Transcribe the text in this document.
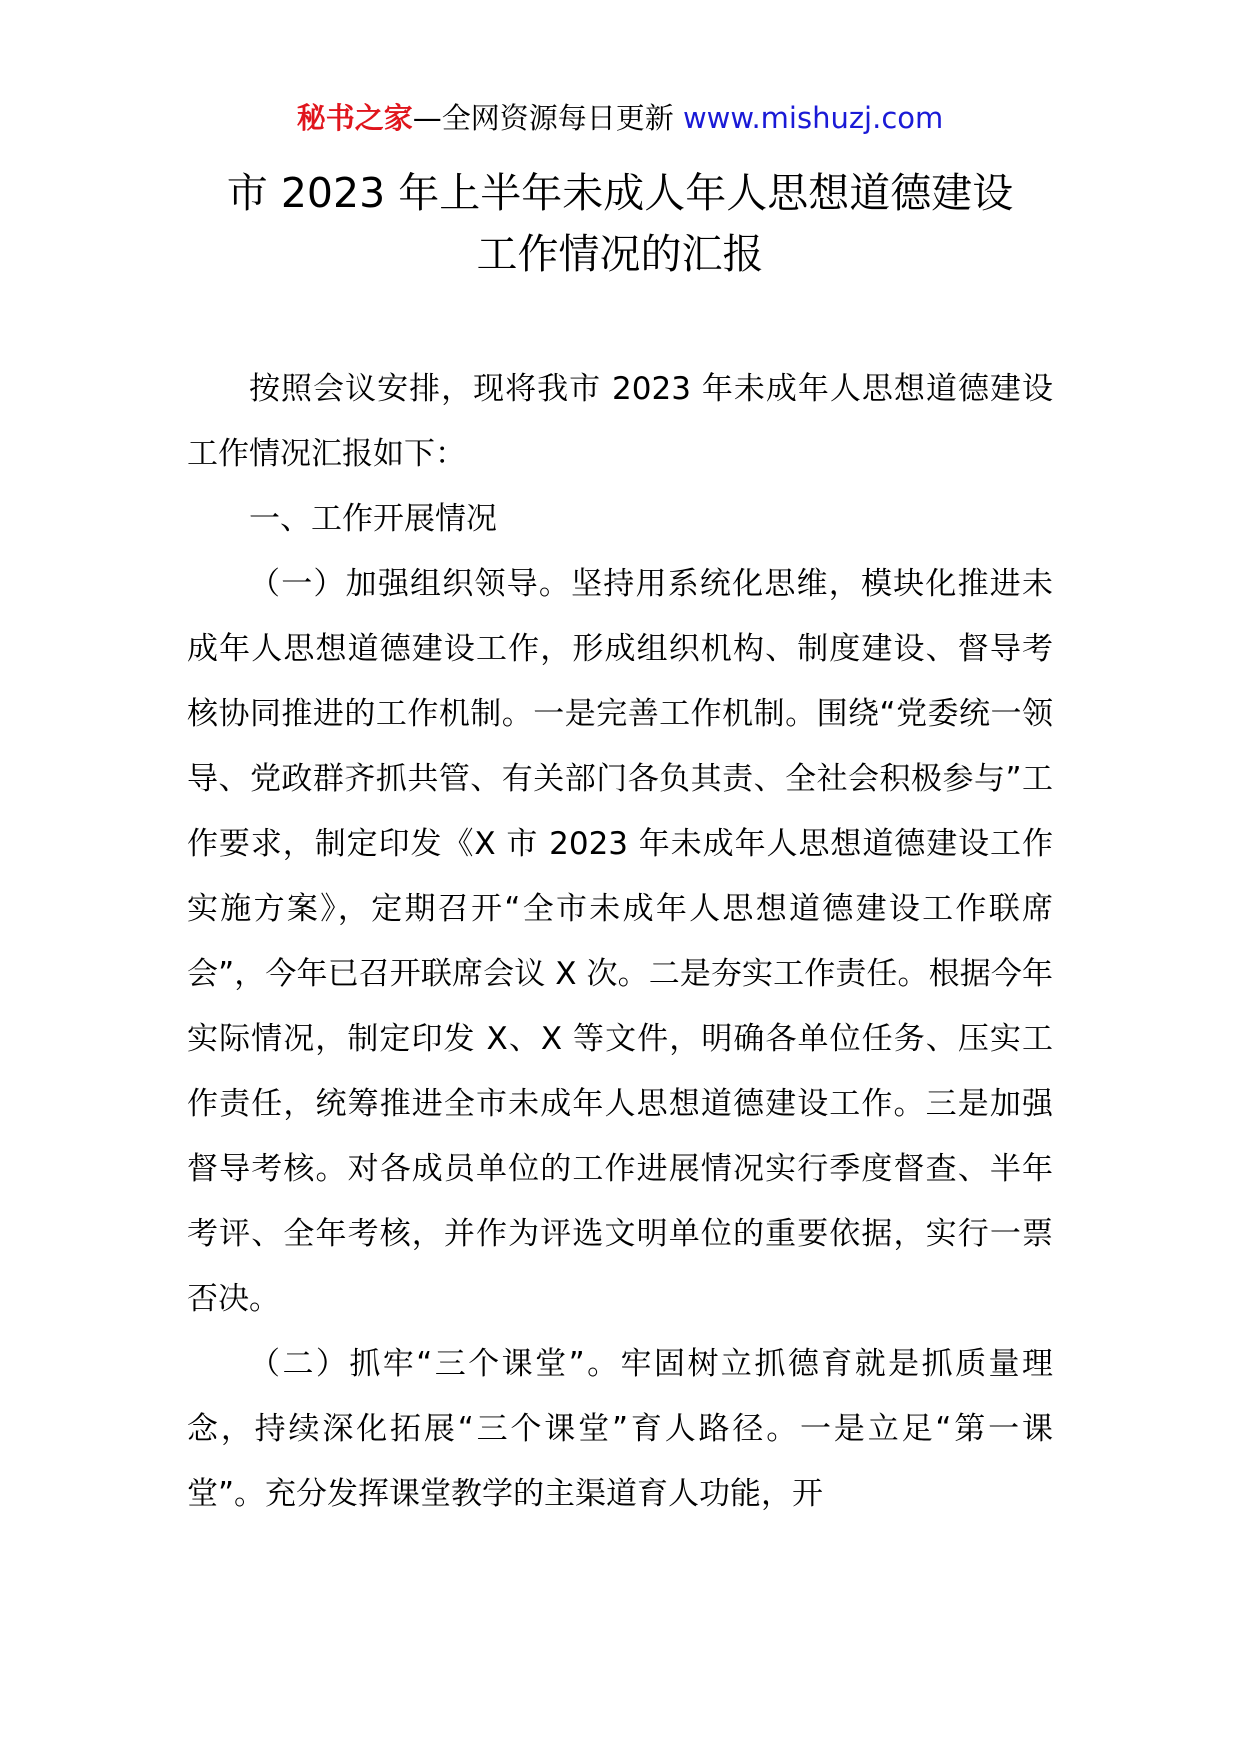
秘书之家—全网资源每日更新 www.mishuzj.com
市 2023 年上半年未成人年人思想道德建设
工作情况的汇报

按照会议安排，现将我市 2023 年未成年人思想道德建设工作情况汇报如下：

一、工作开展情况

（一）加强组织领导。坚持用系统化思维，模块化推进未成年人思想道德建设工作，形成组织机构、制度建设、督导考核协同推进的工作机制。一是完善工作机制。围绕“党委统一领导、党政群齐抓共管、有关部门各负其责、全社会积极参与”工作要求，制定印发《X 市 2023 年未成年人思想道德建设工作实施方案》，定期召开“全市未成年人思想道德建设工作联席会”，今年已召开联席会议 X 次。二是夯实工作责任。根据今年实际情况，制定印发 X、X 等文件，明确各单位任务、压实工作责任，统筹推进全市未成年人思想道德建设工作。三是加强督导考核。对各成员单位的工作进展情况实行季度督查、半年考评、全年考核，并作为评选文明单位的重要依据，实行一票否决。

（二）抓牢“三个课堂”。牢固树立抓德育就是抓质量理念，持续深化拓展“三个课堂”育人路径。一是立足“第一课堂”。充分发挥课堂教学的主渠道育人功能，开
